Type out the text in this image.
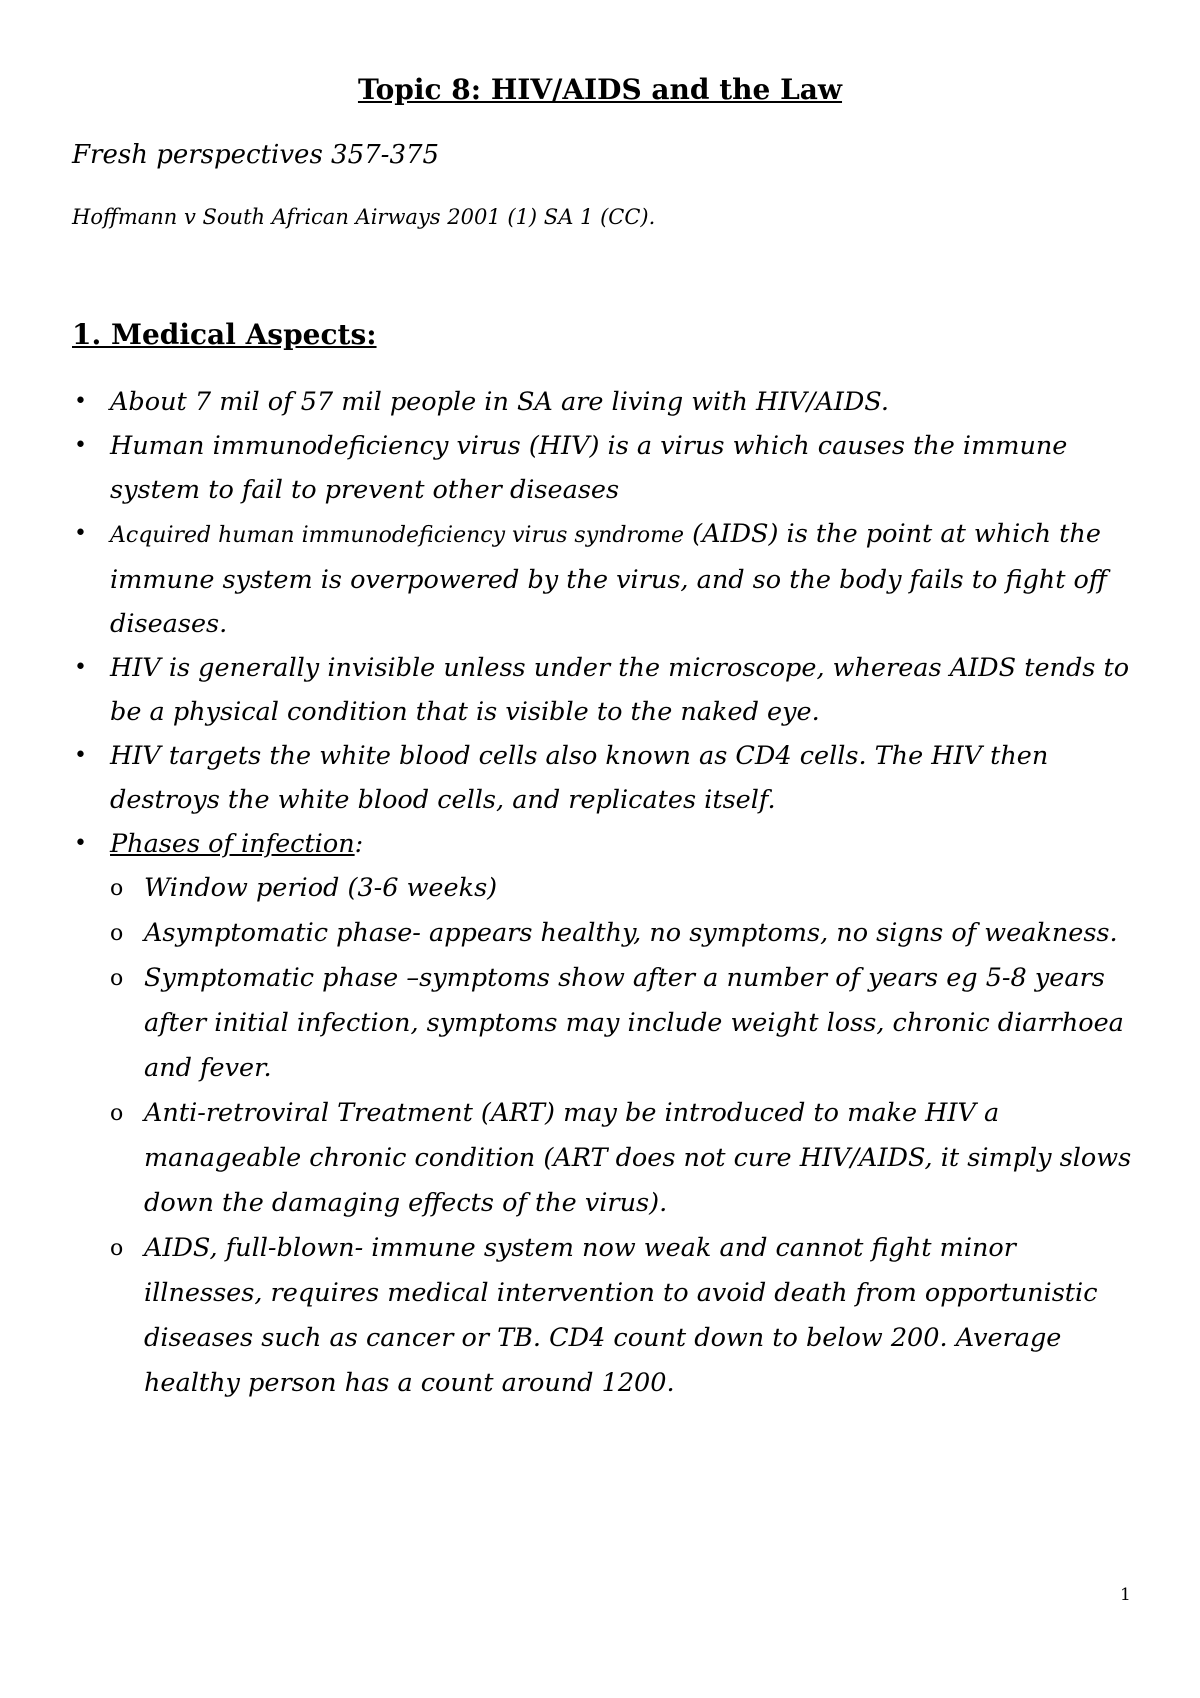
Topic 8: HIV/AIDS and the Law

Fresh perspectives 357-375

Hoffmann v South African Airways 2001 (1) SA 1 (CC).

1. Medical Aspects:
• About 7 mil of 57 mil people in SA are living with HIV/AIDS.
• Human immunodeficiency virus (HIV) is a virus which causes the immune system to fail to prevent other diseases
• Acquired human immunodeficiency virus syndrome (AIDS) is the point at which the immune system is overpowered by the virus, and so the body fails to fight off diseases.
• HIV is generally invisible unless under the microscope, whereas AIDS tends to be a physical condition that is visible to the naked eye.
• HIV targets the white blood cells also known as CD4 cells. The HIV then destroys the white blood cells, and replicates itself.
• Phases of infection:
o Window period (3-6 weeks)
o Asymptomatic phase- appears healthy, no symptoms, no signs of weakness.
o Symptomatic phase –symptoms show after a number of years eg 5-8 years after initial infection, symptoms may include weight loss, chronic diarrhoea and fever.
o Anti-retroviral Treatment (ART) may be introduced to make HIV a manageable chronic condition (ART does not cure HIV/AIDS, it simply slows down the damaging effects of the virus).
o AIDS, full-blown- immune system now weak and cannot fight minor illnesses, requires medical intervention to avoid death from opportunistic diseases such as cancer or TB. CD4 count down to below 200. Average healthy person has a count around 1200.

1
